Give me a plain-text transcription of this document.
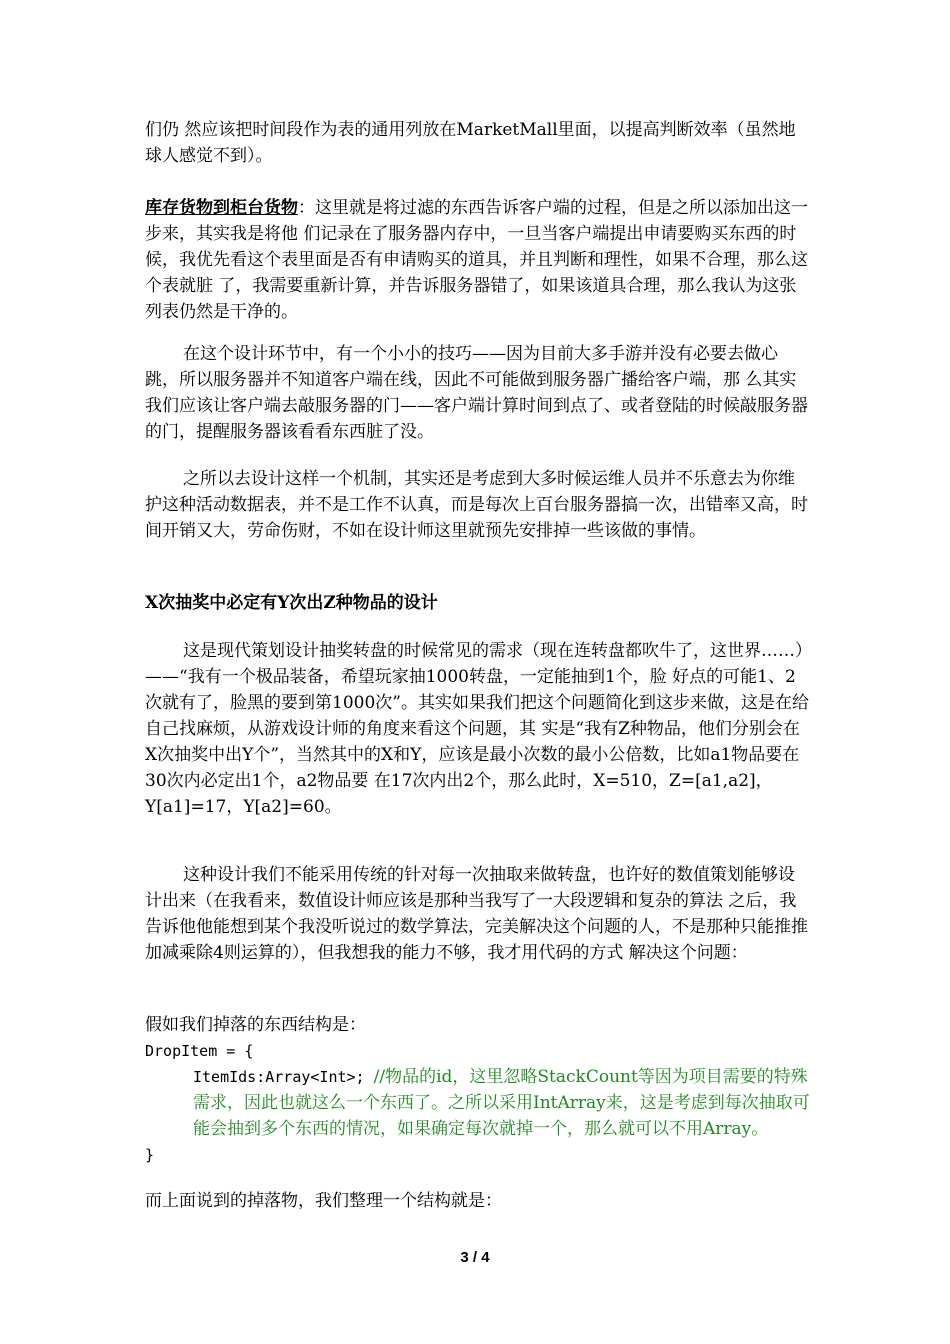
们仍 然应该把时间段作为表的通用列放在MarketMall里面，以提高判断效率（虽然地球人感觉不到）。

库存货物到柜台货物：这里就是将过滤的东西告诉客户端的过程，但是之所以添加出这一步来，其实我是将他 们记录在了服务器内存中，一旦当客户端提出申请要购买东西的时候，我优先看这个表里面是否有申请购买的道具，并且判断和理性，如果不合理，那么这个表就脏 了，我需要重新计算，并告诉服务器错了，如果该道具合理，那么我认为这张列表仍然是干净的。

在这个设计环节中，有一个小小的技巧——因为目前大多手游并没有必要去做心跳，所以服务器并不知道客户端在线，因此不可能做到服务器广播给客户端，那 么其实我们应该让客户端去敲服务器的门——客户端计算时间到点了、或者登陆的时候敲服务器的门，提醒服务器该看看东西脏了没。

之所以去设计这样一个机制，其实还是考虑到大多时候运维人员并不乐意去为你维护这种活动数据表，并不是工作不认真，而是每次上百台服务器搞一次，出错率又高，时间开销又大，劳命伤财，不如在设计师这里就预先安排掉一些该做的事情。

X次抽奖中必定有Y次出Z种物品的设计

这是现代策划设计抽奖转盘的时候常见的需求（现在连转盘都吹牛了，这世界……）——“我有一个极品装备，希望玩家抽1000转盘，一定能抽到1个，脸 好点的可能1、2次就有了，脸黑的要到第1000次”。其实如果我们把这个问题简化到这步来做，这是在给自己找麻烦，从游戏设计师的角度来看这个问题，其 实是“我有Z种物品，他们分别会在X次抽奖中出Y个”，当然其中的X和Y，应该是最小次数的最小公倍数，比如a1物品要在30次内必定出1个，a2物品要 在17次内出2个，那么此时，X=510，Z=[a1,a2]，Y[a1]=17，Y[a2]=60。

这种设计我们不能采用传统的针对每一次抽取来做转盘，也许好的数值策划能够设计出来（在我看来，数值设计师应该是那种当我写了一大段逻辑和复杂的算法 之后，我告诉他他能想到某个我没听说过的数学算法，完美解决这个问题的人，不是那种只能推推加减乘除4则运算的），但我想我的能力不够，我才用代码的方式 解决这个问题：

假如我们掉落的东西结构是：

DropItem = {
ItemIds:Array<Int>; //物品的id，这里忽略StackCount等因为项目需要的特殊需求，因此也就这么一个东西了。之所以采用IntArray来，这是考虑到每次抽取可能会抽到多个东西的情况，如果确定每次就掉一个，那么就可以不用Array。
}

而上面说到的掉落物，我们整理一个结构就是：

3 / 4
